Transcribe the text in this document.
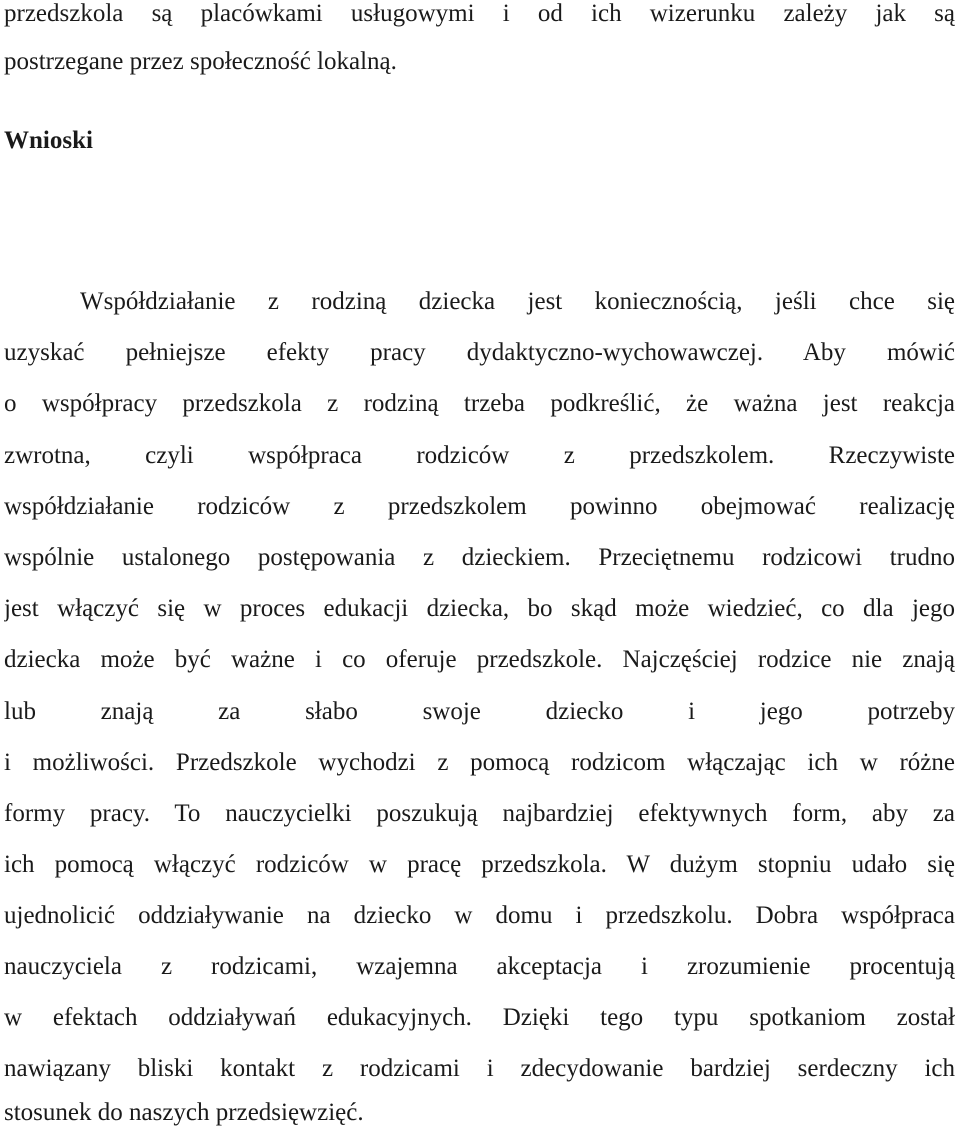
przedszkola są placówkami usługowymi i od ich wizerunku zależy jak są
postrzegane przez społeczność lokalną.
Wnioski
Współdziałanie z rodziną dziecka jest koniecznością, jeśli chce się
uzyskać pełniejsze efekty pracy dydaktyczno-wychowawczej. Aby mówić
o współpracy przedszkola z rodziną trzeba podkreślić, że ważna jest reakcja
zwrotna, czyli współpraca rodziców z przedszkolem. Rzeczywiste
współdziałanie rodziców z przedszkolem powinno obejmować realizację
wspólnie ustalonego postępowania z dzieckiem. Przeciętnemu rodzicowi trudno
jest włączyć się w proces edukacji dziecka, bo skąd może wiedzieć, co dla jego
dziecka może być ważne i co oferuje przedszkole. Najczęściej rodzice nie znają
lub znają za słabo swoje dziecko i jego potrzeby
i możliwości. Przedszkole wychodzi z pomocą rodzicom włączając ich w różne
formy pracy. To nauczycielki poszukują najbardziej efektywnych form, aby za
ich pomocą włączyć rodziców w pracę przedszkola. W dużym stopniu udało się
ujednolicić oddziaływanie na dziecko w domu i przedszkolu. Dobra współpraca
nauczyciela z rodzicami, wzajemna akceptacja i zrozumienie procentują
w efektach oddziaływań edukacyjnych. Dzięki tego typu spotkaniom został
nawiązany bliski kontakt z rodzicami i zdecydowanie bardziej serdeczny ich
stosunek do naszych przedsięwzięć.
